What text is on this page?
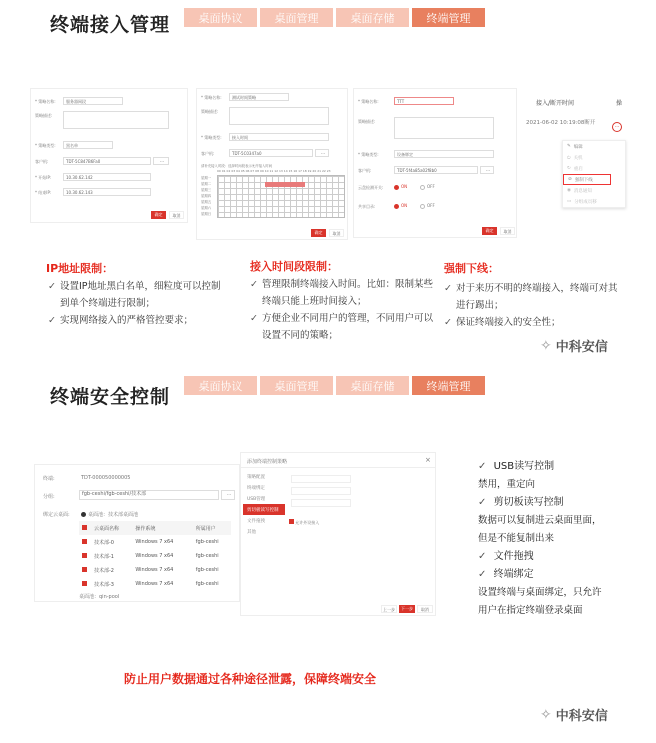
终端接入管理	桌面协议	桌面管理	桌面存储	终端管理
* 策略名称:	服务器网段
策略描述:
* 策略类型:	黑名单
客户机:	TDT-5C847B6Fa0	···
* 开始IP:	10.30.62.142
* 结束IP:	10.30.62.143
确定	取消
* 策略名称:	测试时间策略
策略描述:
* 策略类型:	接入时间
客户机:	TDT-5C0347a0	···
请补充接入时段：选择时间段表示允许接入时间
00 01 02 03 04 05 06 07 08 09 10 11 12 13 14 15 16 17 18 19 20 21 22 23
星期一
星期二
星期三
星期四
星期五
星期六
星期日
确定	取消
* 策略名称:	TTT
策略描述:
* 策略类型:	设备绑定
客户机:	TDT-5f4a85a02f8b0	···
云盘检测开关:	ON	OFF
共享目录:	ON	OFF
确定	取消
接入/断开时间	操
2021-06-02 10:19:08断开
···
✎ 编辑
⏻ 关机
↻ 重启
⊘ 强制下线
◉ 消息通知
▭ 分组成员移
IP地址限制：
✓ 设置IP地址黑白名单，细粒度可以控制到单个终端进行限制；
✓ 实现网络接入的严格管控要求；
接入时间段限制：
✓ 管理限制终端接入时间。比如：限制某些终端只能上班时间接入；
✓ 方便企业不同用户的管理，不同用户可以设置不同的策略；
强制下线：
✓ 对于来历不明的终端接入，终端可对其进行踢出；
✓ 保证终端接入的安全性；
✧ 中科安信
终端安全控制	桌面协议	桌面管理	桌面存储	终端管理
终端:	TDT-000050000005
分组:	fgb-ceshi/fgb-ceshi/技术部	···
绑定云桌面:	桌面池：技术部桌面池
	云桌面名称	操作系统	所属用户
	技术部-0	Windows 7 x64	fgb-ceshi
	技术部-1	Windows 7 x64	fgb-ceshi
	技术部-2	Windows 7 x64	fgb-ceshi
	技术部-3	Windows 7 x64	fgb-ceshi
桌面池：qin-pool
添加终端控制策略	×
策略配置
终端绑定
USB管理
剪切板读写控制
文件拖拽
其他
允许外设接入
上一步	下一步	取消
✓ USB读写控制
禁用，重定向
✓ 剪切板读写控制
数据可以复制进云桌面里面，
但是不能复制出来
✓ 文件拖拽
✓ 终端绑定
设置终端与桌面绑定，只允许
用户在指定终端登录桌面
防止用户数据通过各种途径泄露，保障终端安全
✧ 中科安信
